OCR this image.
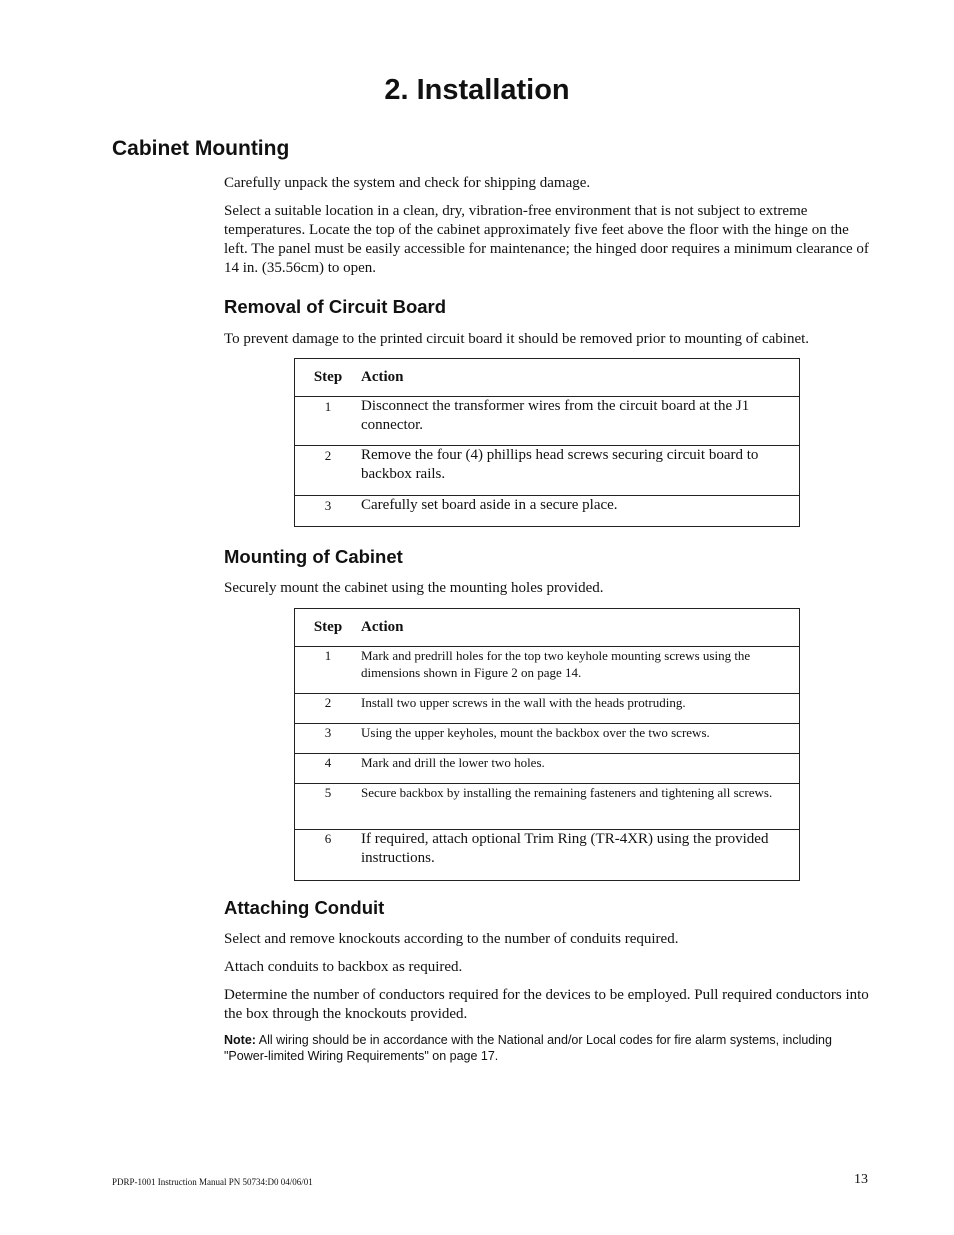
2. Installation
Cabinet Mounting

Carefully unpack the system and check for shipping damage.

Select a suitable location in a clean, dry, vibration-free environment that is not subject to extreme temperatures. Locate the top of the cabinet approximately five feet above the floor with the hinge on the left. The panel must be easily accessible for maintenance; the hinged door requires a minimum clearance of 14 in. (35.56cm) to open.

Removal of Circuit Board

To prevent damage to the printed circuit board it should be removed prior to mounting of cabinet.

Step	Action
1	Disconnect the transformer wires from the circuit board at the J1 connector.
2	Remove the four (4) phillips head screws securing circuit board to backbox rails.
3	Carefully set board aside in a secure place.
Mounting of Cabinet

Securely mount the cabinet using the mounting holes provided.

Step	Action
1	Mark and predrill holes for the top two keyhole mounting screws using the dimensions shown in Figure 2 on page 14.
2	Install two upper screws in the wall with the heads protruding.
3	Using the upper keyholes, mount the backbox over the two screws.
4	Mark and drill the lower two holes.
5	Secure backbox by installing the remaining fasteners and tightening all screws.
6	If required, attach optional Trim Ring (TR-4XR) using the provided instructions.
Attaching Conduit

Select and remove knockouts according to the number of conduits required.

Attach conduits to backbox as required.

Determine the number of conductors required for the devices to be employed. Pull required conductors into the box through the knockouts provided.

Note: All wiring should be in accordance with the National and/or Local codes for fire alarm systems, including "Power-limited Wiring Requirements" on page 17.

PDRP-1001 Instruction Manual PN 50734:D0 04/06/01	13
